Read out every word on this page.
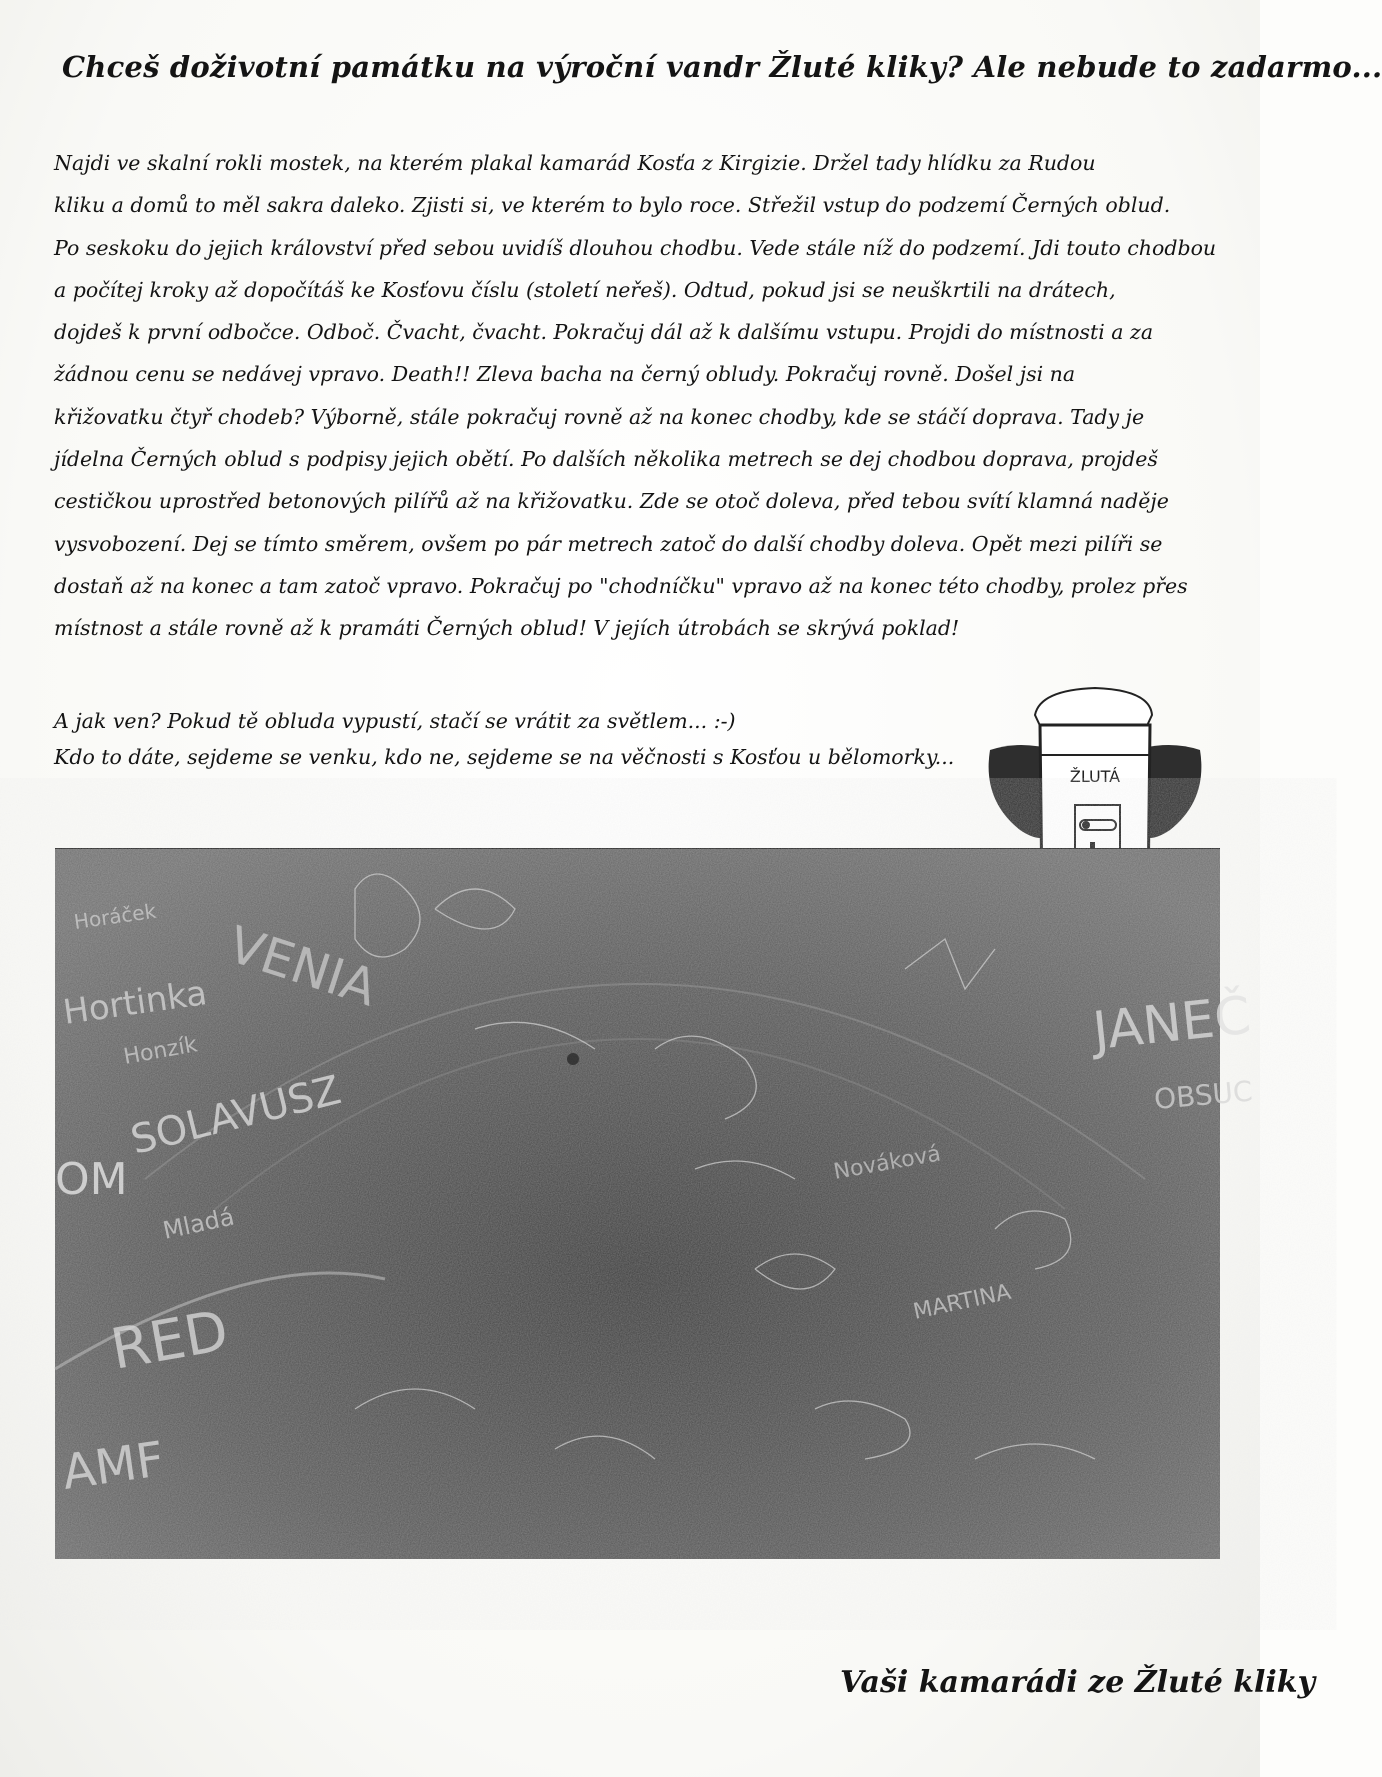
Chceš doživotní památku na výroční vandr Žluté kliky? Ale nebude to zadarmo...

Najdi ve skalní rokli mostek, na kterém plakal kamarád Kosťa z Kirgizie. Držel tady hlídku za Rudou

kliku a domů to měl sakra daleko. Zjisti si, ve kterém to bylo roce. Střežil vstup do podzemí Černých oblud.

Po seskoku do jejich království před sebou uvidíš dlouhou chodbu. Vede stále níž do podzemí. Jdi touto chodbou

a počítej kroky až dopočítáš ke Kosťovu číslu (století neřeš). Odtud, pokud jsi se neuškrtili na drátech,

dojdeš k první odbočce. Odboč. Čvacht, čvacht. Pokračuj dál až k dalšímu vstupu. Projdi do místnosti a za

žádnou cenu se nedávej vpravo. Death!! Zleva bacha na černý obludy. Pokračuj rovně. Došel jsi na

křižovatku čtyř chodeb? Výborně, stále pokračuj rovně až na konec chodby, kde se stáčí doprava. Tady je

jídelna Černých oblud s podpisy jejich obětí. Po dalších několika metrech se dej chodbou doprava, projdeš

cestičkou uprostřed betonových pilířů až na křižovatku. Zde se otoč doleva, před tebou svítí klamná naděje

vysvobození. Dej se tímto směrem, ovšem po pár metrech zatoč do další chodby doleva. Opět mezi pilíři se

dostaň až na konec a tam zatoč vpravo. Pokračuj po "chodníčku" vpravo až na konec této chodby, prolez přes

místnost a stále rovně až k pramáti Černých oblud! V jejích útrobách se skrývá poklad!

A jak ven? Pokud tě obluda vypustí, stačí se vrátit za světlem... :-)

Kdo to dáte, sejdeme se venku, kdo ne, sejdeme se na věčnosti s Kosťou u bělomorky...

ŽLUTÁ
Hortinka
Honzík
SOLAVUSZ
OM
RED
VENIA
Mladá
Nováková
OBSUC
JANEČ
AMF
MARTINA
Horáček
Vaši kamarádi ze Žluté kliky
